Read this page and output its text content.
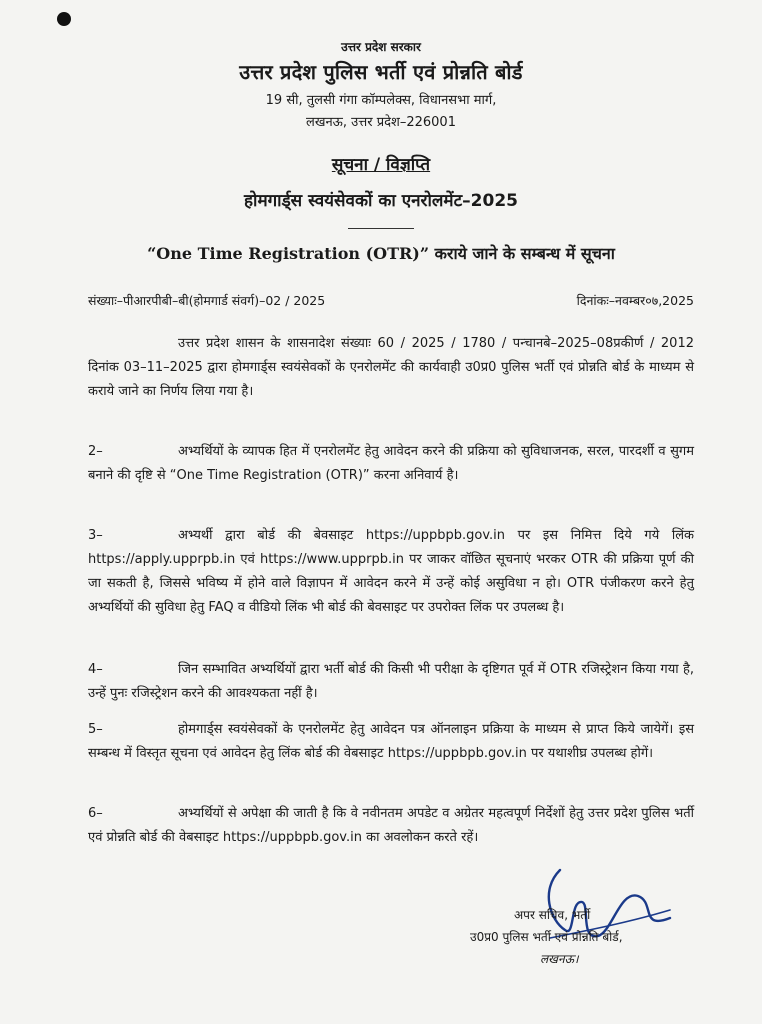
उत्तर प्रदेश सरकार
उत्तर प्रदेश पुलिस भर्ती एवं प्रोन्नति बोर्ड
19 सी, तुलसी गंगा कॉम्पलेक्स, विधानसभा मार्ग,
लखनऊ, उत्तर प्रदेश–226001
सूचना / विज्ञप्ति
होमगार्ड्स स्वयंसेवकों का एनरोलमेंट–2025
“One Time Registration (OTR)” कराये जाने के सम्बन्ध में सूचना
संख्याः–पीआरपीबी–बी(होमगार्ड संवर्ग)–02 / 2025	दिनांकः–नवम्बर०७,2025
उत्तर प्रदेश शासन के शासनादेश संख्याः 60 / 2025 / 1780 / पन्चानबे–2025–08प्रकीर्ण / 2012 दिनांक 03–11–2025 द्वारा होमगार्ड्स स्वयंसेवकों के एनरोलमेंट की कार्यवाही उ0प्र0 पुलिस भर्ती एवं प्रोन्नति बोर्ड के माध्यम से कराये जाने का निर्णय लिया गया है।
2–	अभ्यर्थियों के व्यापक हित में एनरोलमेंट हेतु आवेदन करने की प्रक्रिया को सुविधाजनक, सरल, पारदर्शी व सुगम बनाने की दृष्टि से “One Time Registration (OTR)” करना अनिवार्य है।
3–	अभ्यर्थी द्वारा बोर्ड की बेवसाइट https://uppbpb.gov.in पर इस निमित्त दिये गये लिंक https://apply.upprpb.in एवं https://www.upprpb.in पर जाकर वॉछित सूचनाएं भरकर OTR की प्रक्रिया पूर्ण की जा सकती है, जिससे भविष्य में होने वाले विज्ञापन में आवेदन करने में उन्हें कोई असुविधा न हो। OTR पंजीकरण करने हेतु अभ्यर्थियों की सुविधा हेतु FAQ व वीडियो लिंक भी बोर्ड की बेवसाइट पर उपरोक्त लिंक पर उपलब्ध है।
4–	जिन सम्भावित अभ्यर्थियों द्वारा भर्ती बोर्ड की किसी भी परीक्षा के दृष्टिगत पूर्व में OTR रजिस्ट्रेशन किया गया है, उन्हें पुनः रजिस्ट्रेशन करने की आवश्यकता नहीं है।
5–	होमगार्ड्स स्वयंसेवकों के एनरोलमेंट हेतु आवेदन पत्र ऑनलाइन प्रक्रिया के माध्यम से प्राप्त किये जायेगें। इस सम्बन्ध में विस्तृत सूचना एवं आवेदन हेतु लिंक बोर्ड की वेबसाइट https://uppbpb.gov.in पर यथाशीघ्र उपलब्ध होगें।
6–	अभ्यर्थियों से अपेक्षा की जाती है कि वे नवीनतम अपडेट व अग्रेतर महत्वपूर्ण निर्देशों हेतु उत्तर प्रदेश पुलिस भर्ती एवं प्रोन्नति बोर्ड की वेबसाइट https://uppbpb.gov.in का अवलोकन करते रहें।
अपर सचिव, भर्ती
उ0प्र0 पुलिस भर्ती एवं प्रोन्नति बोर्ड,
लखनऊ।
